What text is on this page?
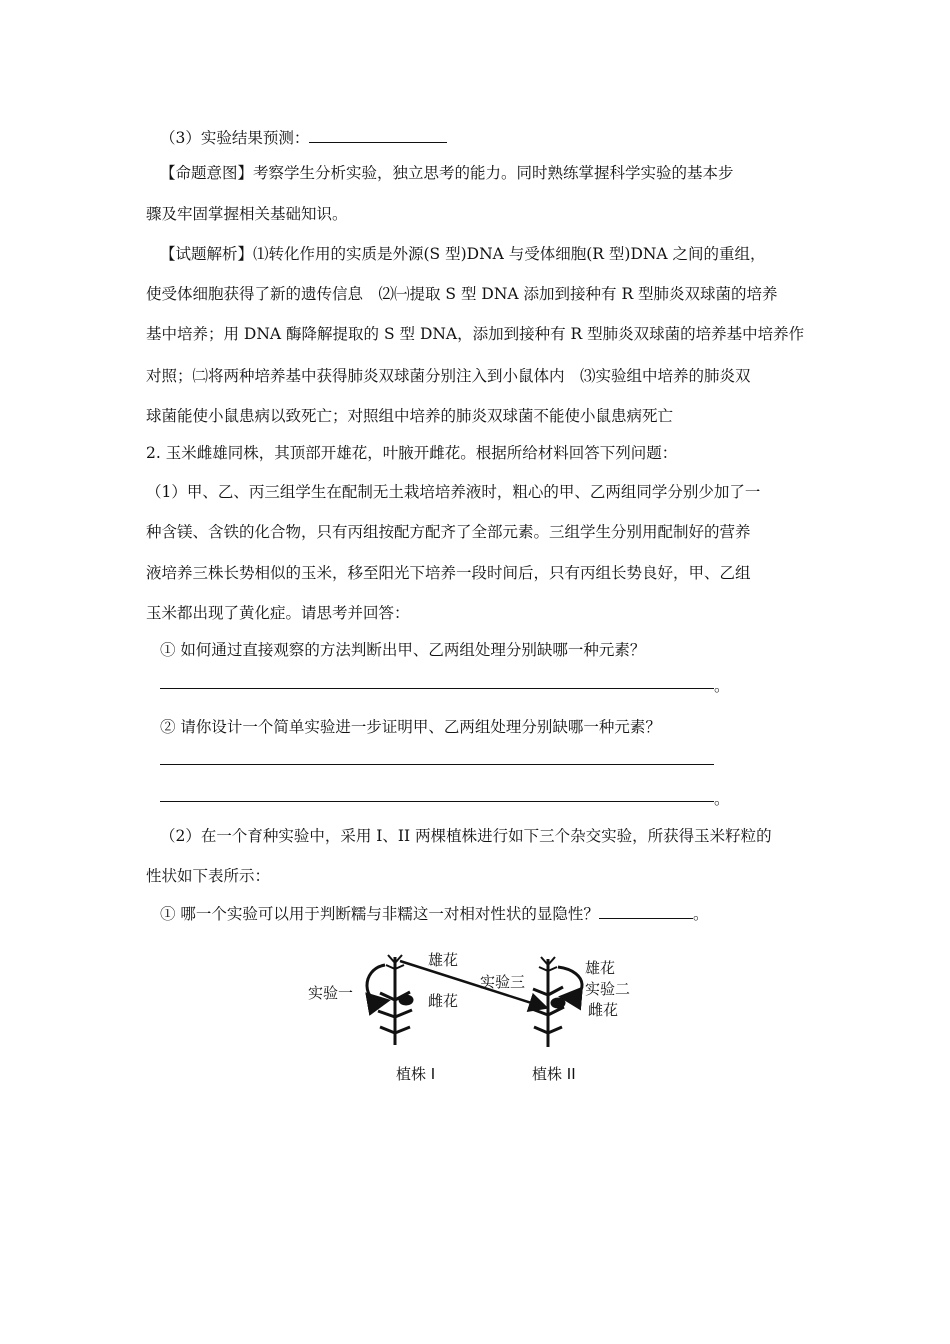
（3）实验结果预测：
【命题意图】考察学生分析实验，独立思考的能力。同时熟练掌握科学实验的基本步
骤及牢固掌握相关基础知识。
【试题解析】⑴转化作用的实质是外源(S 型)DNA 与受体细胞(R 型)DNA 之间的重组，
使受体细胞获得了新的遗传信息　⑵㈠提取 S 型 DNA 添加到接种有 R 型肺炎双球菌的培养
基中培养；用 DNA 酶降解提取的 S 型 DNA，添加到接种有 R 型肺炎双球菌的培养基中培养作
对照；㈡将两种培养基中获得肺炎双球菌分别注入到小鼠体内　⑶实验组中培养的肺炎双
球菌能使小鼠患病以致死亡；对照组中培养的肺炎双球菌不能使小鼠患病死亡
2. 玉米雌雄同株，其顶部开雄花，叶腋开雌花。根据所给材料回答下列问题：
（1）甲、乙、丙三组学生在配制无土栽培培养液时，粗心的甲、乙两组同学分别少加了一
种含镁、含铁的化合物，只有丙组按配方配齐了全部元素。三组学生分别用配制好的营养
液培养三株长势相似的玉米，移至阳光下培养一段时间后，只有丙组长势良好，甲、乙组
玉米都出现了黄化症。请思考并回答：
① 如何通过直接观察的方法判断出甲、乙两组处理分别缺哪一种元素？
。
② 请你设计一个简单实验进一步证明甲、乙两组处理分别缺哪一种元素？
。
（2）在一个育种实验中，采用 I、II 两棵植株进行如下三个杂交实验，所获得玉米籽粒的
性状如下表所示：
① 哪一个实验可以用于判断糯与非糯这一对相对性状的显隐性？	。
实验一
雄花
雌花
实验三
雄花
实验二
雌花
植株 I	植株 II
